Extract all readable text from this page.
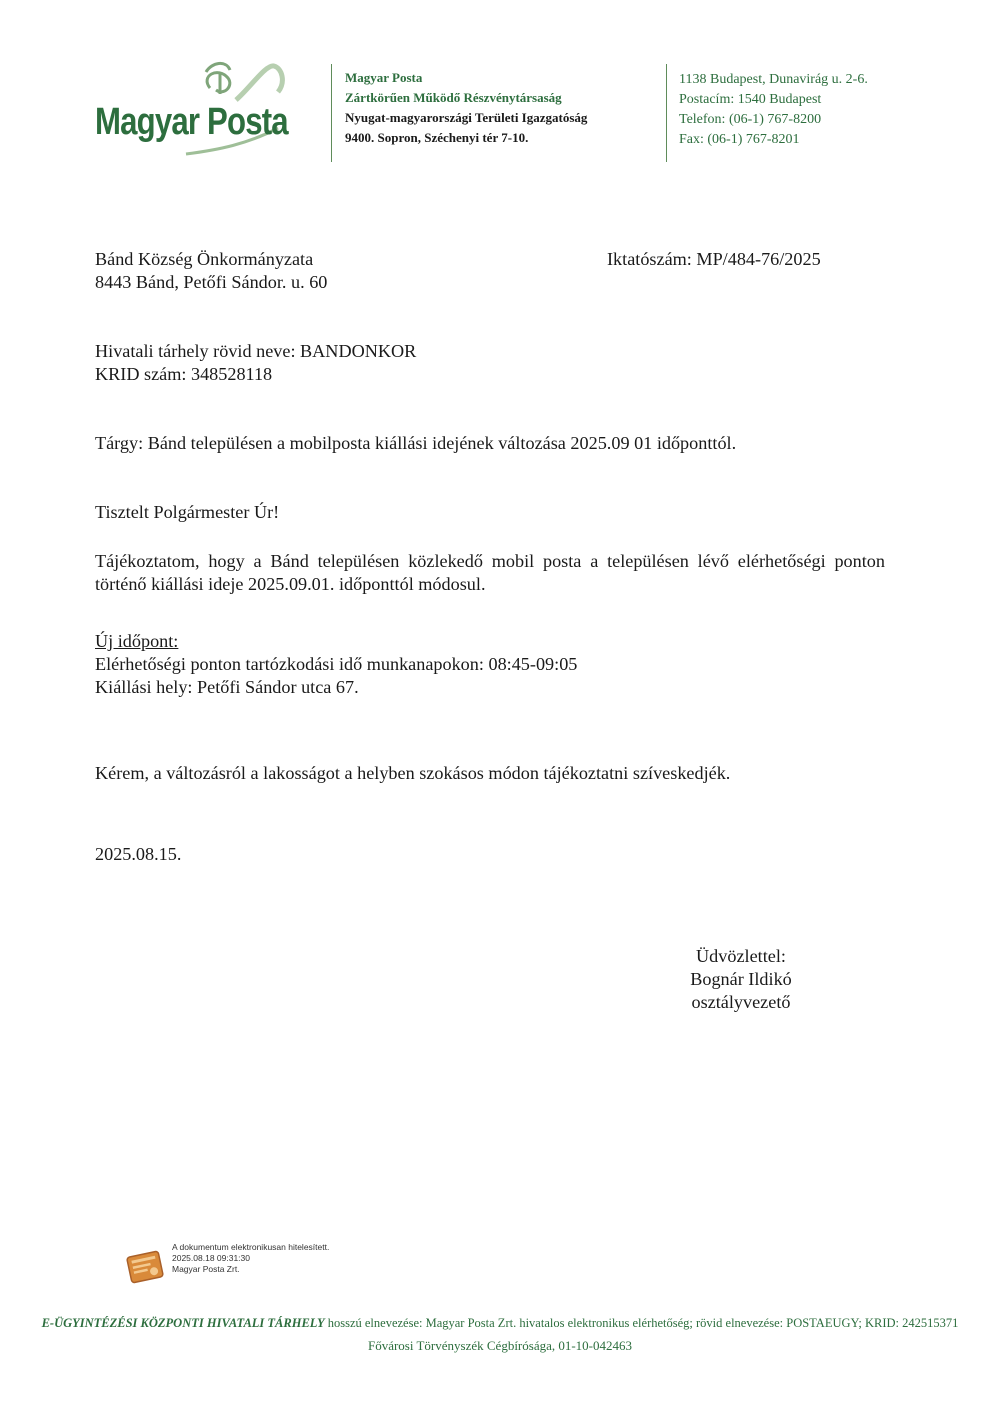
Magyar Posta
Magyar Posta
Zártkörűen Működő Részvénytársaság
Nyugat-magyarországi Területi Igazgatóság
9400. Sopron, Széchenyi tér 7-10.
1138 Budapest, Dunavirág u. 2-6.
Postacím: 1540 Budapest
Telefon: (06-1) 767-8200
Fax: (06-1) 767-8201
Bánd Község Önkormányzata
8443 Bánd, Petőfi Sándor. u. 60
Iktatószám: MP/484-76/2025
Hivatali tárhely rövid neve: BANDONKOR
KRID szám: 348528118
Tárgy: Bánd településen a mobilposta kiállási idejének változása 2025.09 01 időponttól.
Tisztelt Polgármester Úr!
Tájékoztatom, hogy a Bánd településen közlekedő mobil posta a településen lévő elérhetőségi ponton történő kiállási ideje 2025.09.01. időponttól módosul.
Új időpont:
Elérhetőségi ponton tartózkodási idő munkanapokon: 08:45-09:05
Kiállási hely: Petőfi Sándor utca 67.
Kérem, a változásról a lakosságot a helyben szokásos módon tájékoztatni szíveskedjék.
2025.08.15.
Üdvözlettel:
Bognár Ildikó
osztályvezető
A dokumentum elektronikusan hitelesített.
2025.08.18 09:31:30
Magyar Posta Zrt.
E-ÜGYINTÉZÉSI KÖZPONTI HIVATALI TÁRHELY hosszú elnevezése: Magyar Posta Zrt. hivatalos elektronikus elérhetőség; rövid elnevezése: POSTAEUGY; KRID: 242515371
Fővárosi Törvényszék Cégbírósága, 01-10-042463
